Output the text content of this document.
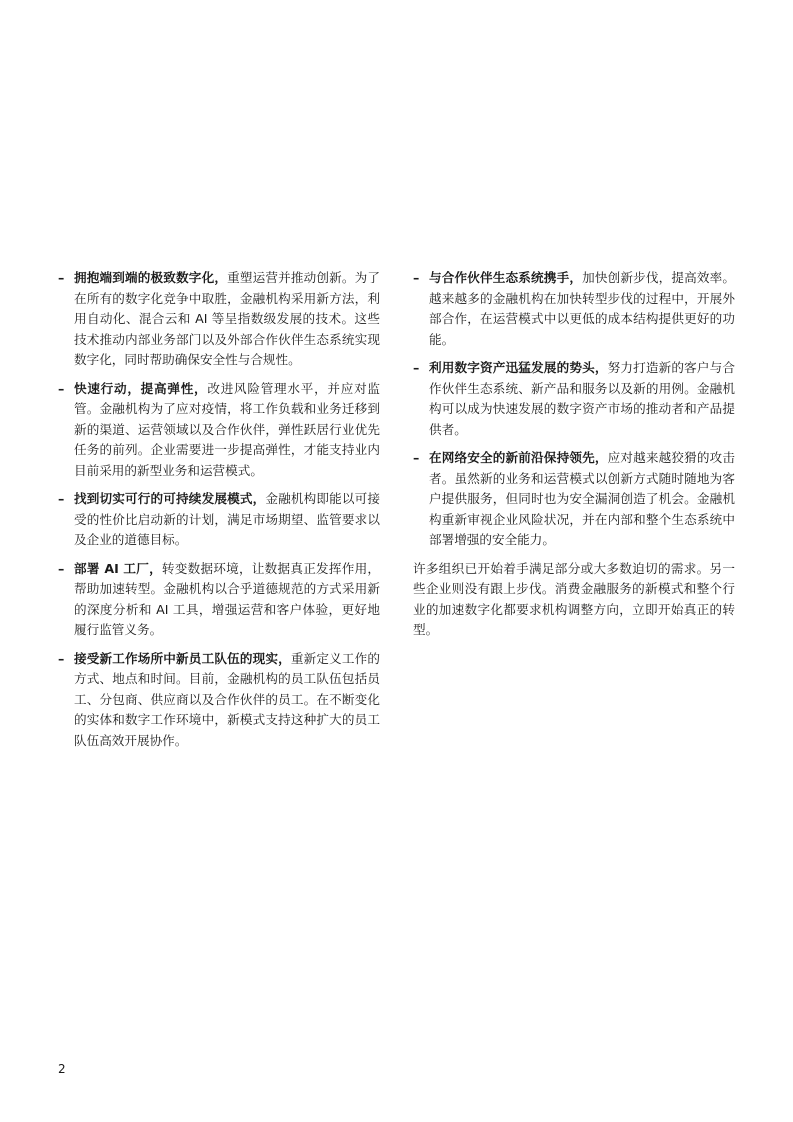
– 拥抱端到端的极致数字化，重塑运营并推动创新。为了在所有的数字化竞争中取胜，金融机构采用新方法，利用自动化、混合云和 AI 等呈指数级发展的技术。这些技术推动内部业务部门以及外部合作伙伴生态系统实现数字化，同时帮助确保安全性与合规性。
– 快速行动，提高弹性，改进风险管理水平，并应对监管。金融机构为了应对疫情，将工作负载和业务迁移到新的渠道、运营领域以及合作伙伴，弹性跃居行业优先任务的前列。企业需要进一步提高弹性，才能支持业内目前采用的新型业务和运营模式。
– 找到切实可行的可持续发展模式，金融机构即能以可接受的性价比启动新的计划，满足市场期望、监管要求以及企业的道德目标。
– 部署 AI 工厂，转变数据环境，让数据真正发挥作用，帮助加速转型。金融机构以合乎道德规范的方式采用新的深度分析和 AI 工具，增强运营和客户体验，更好地履行监管义务。
– 接受新工作场所中新员工队伍的现实，重新定义工作的方式、地点和时间。目前，金融机构的员工队伍包括员工、分包商、供应商以及合作伙伴的员工。在不断变化的实体和数字工作环境中，新模式支持这种扩大的员工队伍高效开展协作。
– 与合作伙伴生态系统携手，加快创新步伐，提高效率。越来越多的金融机构在加快转型步伐的过程中，开展外部合作，在运营模式中以更低的成本结构提供更好的功能。
– 利用数字资产迅猛发展的势头，努力打造新的客户与合作伙伴生态系统、新产品和服务以及新的用例。金融机构可以成为快速发展的数字资产市场的推动者和产品提供者。
– 在网络安全的新前沿保持领先，应对越来越狡猾的攻击者。虽然新的业务和运营模式以创新方式随时随地为客户提供服务，但同时也为安全漏洞创造了机会。金融机构重新审视企业风险状况，并在内部和整个生态系统中部署增强的安全能力。

许多组织已开始着手满足部分或大多数迫切的需求。另一些企业则没有跟上步伐。消费金融服务的新模式和整个行业的加速数字化都要求机构调整方向，立即开始真正的转型。

2
